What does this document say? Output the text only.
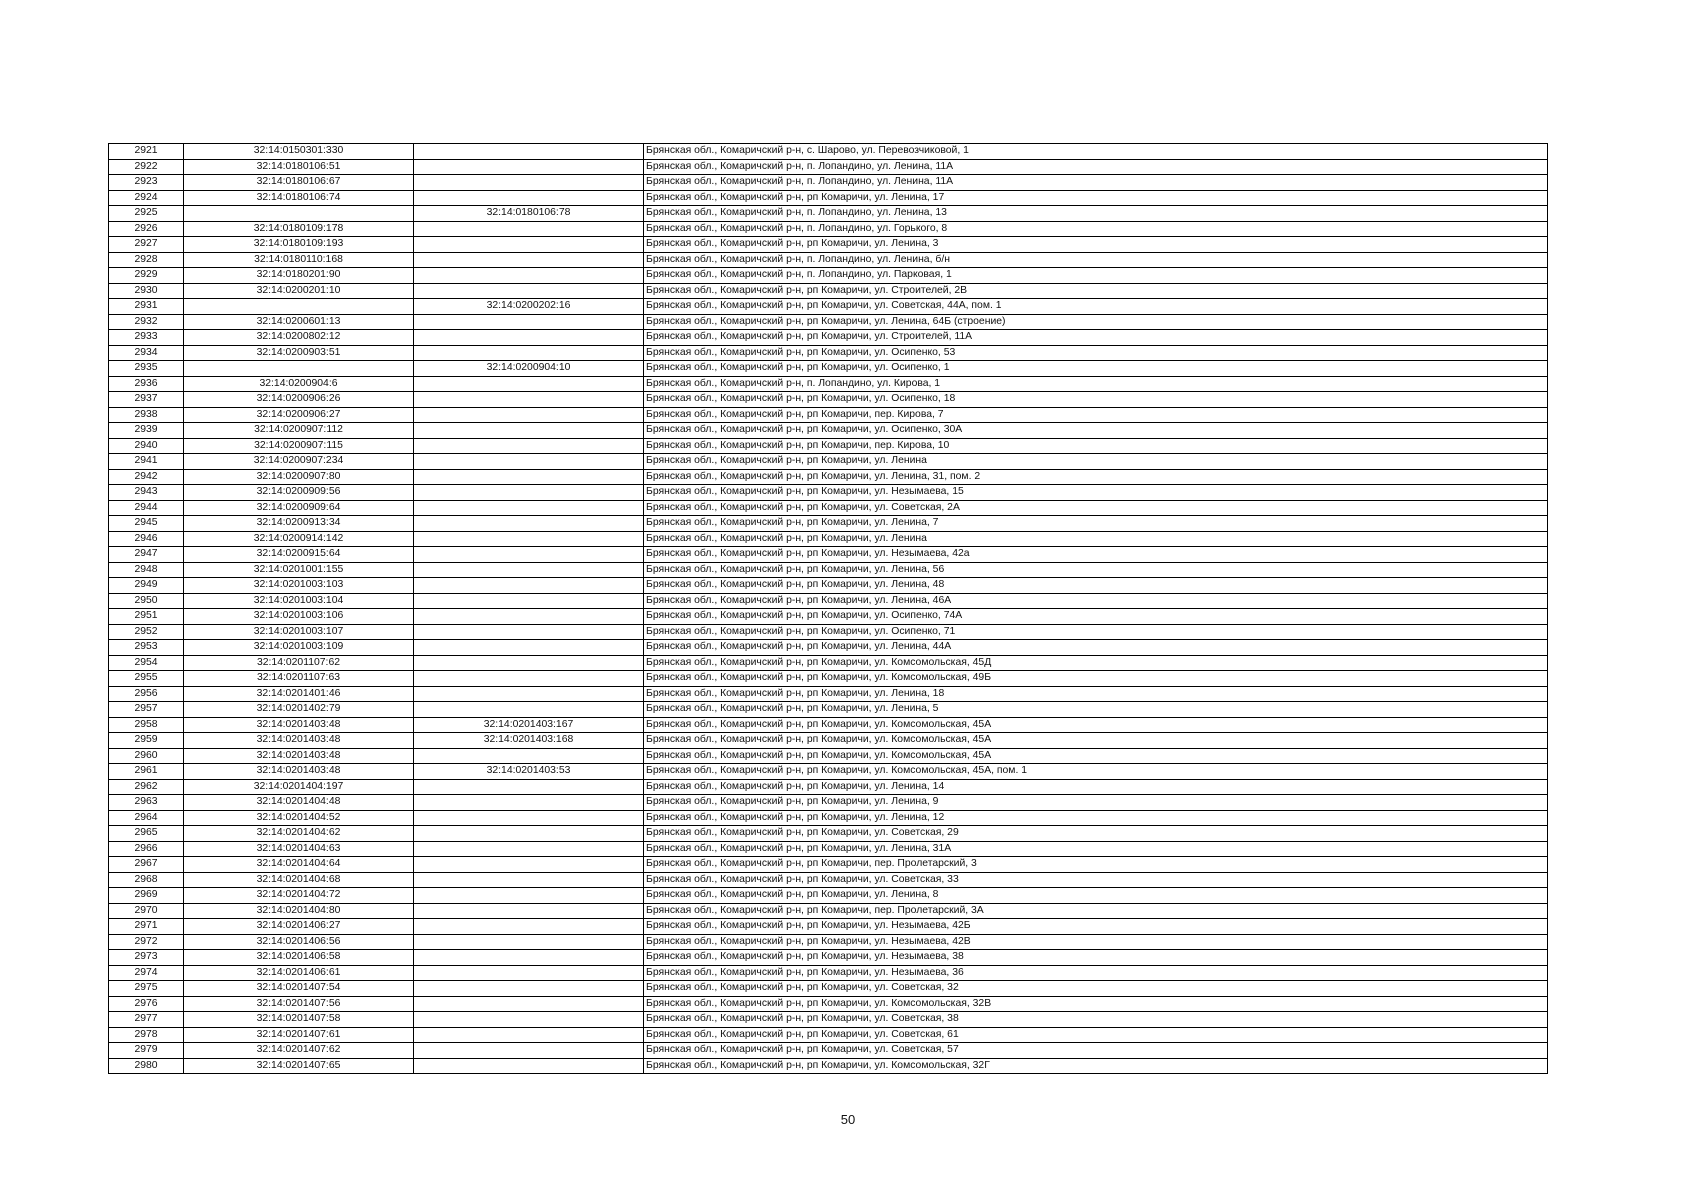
2921	32:14:0150301:330		Брянская обл., Комаричский р-н, с. Шарово, ул. Перевозчиковой, 1
2922	32:14:0180106:51		Брянская обл., Комаричский р-н, п. Лопандино, ул. Ленина, 11А
2923	32:14:0180106:67		Брянская обл., Комаричский р-н, п. Лопандино, ул. Ленина, 11А
2924	32:14:0180106:74		Брянская обл., Комаричский р-н, рп Комаричи, ул. Ленина, 17
2925		32:14:0180106:78	Брянская обл., Комаричский р-н, п. Лопандино, ул. Ленина, 13
2926	32:14:0180109:178		Брянская обл., Комаричский р-н, п. Лопандино, ул. Горького, 8
2927	32:14:0180109:193		Брянская обл., Комаричский р-н, рп Комаричи, ул. Ленина, 3
2928	32:14:0180110:168		Брянская обл., Комаричский р-н, п. Лопандино, ул. Ленина, б/н
2929	32:14:0180201:90		Брянская обл., Комаричский р-н, п. Лопандино, ул. Парковая, 1
2930	32:14:0200201:10		Брянская обл., Комаричский р-н, рп Комаричи, ул. Строителей, 2В
2931		32:14:0200202:16	Брянская обл., Комаричский р-н, рп Комаричи, ул. Советская, 44А, пом. 1
2932	32:14:0200601:13		Брянская обл., Комаричский р-н, рп Комаричи, ул. Ленина, 64Б (строение)
2933	32:14:0200802:12		Брянская обл., Комаричский р-н, рп Комаричи, ул. Строителей, 11А
2934	32:14:0200903:51		Брянская обл., Комаричский р-н, рп Комаричи, ул. Осипенко, 53
2935		32:14:0200904:10	Брянская обл., Комаричский р-н, рп Комаричи, ул. Осипенко, 1
2936	32:14:0200904:6		Брянская обл., Комаричский р-н, п. Лопандино, ул. Кирова, 1
2937	32:14:0200906:26		Брянская обл., Комаричский р-н, рп Комаричи, ул. Осипенко, 18
2938	32:14:0200906:27		Брянская обл., Комаричский р-н, рп Комаричи, пер. Кирова, 7
2939	32:14:0200907:112		Брянская обл., Комаричский р-н, рп Комаричи, ул. Осипенко, 30А
2940	32:14:0200907:115		Брянская обл., Комаричский р-н, рп Комаричи, пер. Кирова, 10
2941	32:14:0200907:234		Брянская обл., Комаричский р-н, рп Комаричи, ул. Ленина
2942	32:14:0200907:80		Брянская обл., Комаричский р-н, рп Комаричи, ул. Ленина, 31, пом. 2
2943	32:14:0200909:56		Брянская обл., Комаричский р-н, рп Комаричи, ул. Незымаева, 15
2944	32:14:0200909:64		Брянская обл., Комаричский р-н, рп Комаричи, ул. Советская, 2А
2945	32:14:0200913:34		Брянская обл., Комаричский р-н, рп Комаричи, ул. Ленина, 7
2946	32:14:0200914:142		Брянская обл., Комаричский р-н, рп Комаричи, ул. Ленина
2947	32:14:0200915:64		Брянская обл., Комаричский р-н, рп Комаричи, ул. Незымаева, 42а
2948	32:14:0201001:155		Брянская обл., Комаричский р-н, рп Комаричи, ул. Ленина, 56
2949	32:14:0201003:103		Брянская обл., Комаричский р-н, рп Комаричи, ул. Ленина, 48
2950	32:14:0201003:104		Брянская обл., Комаричский р-н, рп Комаричи, ул. Ленина, 46А
2951	32:14:0201003:106		Брянская обл., Комаричский р-н, рп Комаричи, ул. Осипенко, 74А
2952	32:14:0201003:107		Брянская обл., Комаричский р-н, рп Комаричи, ул. Осипенко, 71
2953	32:14:0201003:109		Брянская обл., Комаричский р-н, рп Комаричи, ул. Ленина, 44А
2954	32:14:0201107:62		Брянская обл., Комаричский р-н, рп Комаричи, ул. Комсомольская, 45Д
2955	32:14:0201107:63		Брянская обл., Комаричский р-н, рп Комаричи, ул. Комсомольская, 49Б
2956	32:14:0201401:46		Брянская обл., Комаричский р-н, рп Комаричи, ул. Ленина, 18
2957	32:14:0201402:79		Брянская обл., Комаричский р-н, рп Комаричи, ул. Ленина, 5
2958	32:14:0201403:48	32:14:0201403:167	Брянская обл., Комаричский р-н, рп Комаричи, ул. Комсомольская, 45А
2959	32:14:0201403:48	32:14:0201403:168	Брянская обл., Комаричский р-н, рп Комаричи, ул. Комсомольская, 45А
2960	32:14:0201403:48		Брянская обл., Комаричский р-н, рп Комаричи, ул. Комсомольская, 45А
2961	32:14:0201403:48	32:14:0201403:53	Брянская обл., Комаричский р-н, рп Комаричи, ул. Комсомольская, 45А, пом. 1
2962	32:14:0201404:197		Брянская обл., Комаричский р-н, рп Комаричи, ул. Ленина, 14
2963	32:14:0201404:48		Брянская обл., Комаричский р-н, рп Комаричи, ул. Ленина, 9
2964	32:14:0201404:52		Брянская обл., Комаричский р-н, рп Комаричи, ул. Ленина, 12
2965	32:14:0201404:62		Брянская обл., Комаричский р-н, рп Комаричи, ул. Советская, 29
2966	32:14:0201404:63		Брянская обл., Комаричский р-н, рп Комаричи, ул. Ленина, 31А
2967	32:14:0201404:64		Брянская обл., Комаричский р-н, рп Комаричи, пер. Пролетарский, 3
2968	32:14:0201404:68		Брянская обл., Комаричский р-н, рп Комаричи, ул. Советская, 33
2969	32:14:0201404:72		Брянская обл., Комаричский р-н, рп Комаричи, ул. Ленина, 8
2970	32:14:0201404:80		Брянская обл., Комаричский р-н, рп Комаричи, пер. Пролетарский, 3А
2971	32:14:0201406:27		Брянская обл., Комаричский р-н, рп Комаричи, ул. Незымаева, 42Б
2972	32:14:0201406:56		Брянская обл., Комаричский р-н, рп Комаричи, ул. Незымаева, 42В
2973	32:14:0201406:58		Брянская обл., Комаричский р-н, рп Комаричи, ул. Незымаева, 38
2974	32:14:0201406:61		Брянская обл., Комаричский р-н, рп Комаричи, ул. Незымаева, 36
2975	32:14:0201407:54		Брянская обл., Комаричский р-н, рп Комаричи, ул. Советская, 32
2976	32:14:0201407:56		Брянская обл., Комаричский р-н, рп Комаричи, ул. Комсомольская, 32В
2977	32:14:0201407:58		Брянская обл., Комаричский р-н, рп Комаричи, ул. Советская, 38
2978	32:14:0201407:61		Брянская обл., Комаричский р-н, рп Комаричи, ул. Советская, 61
2979	32:14:0201407:62		Брянская обл., Комаричский р-н, рп Комаричи, ул. Советская, 57
2980	32:14:0201407:65		Брянская обл., Комаричский р-н, рп Комаричи, ул. Комсомольская, 32Г
50
